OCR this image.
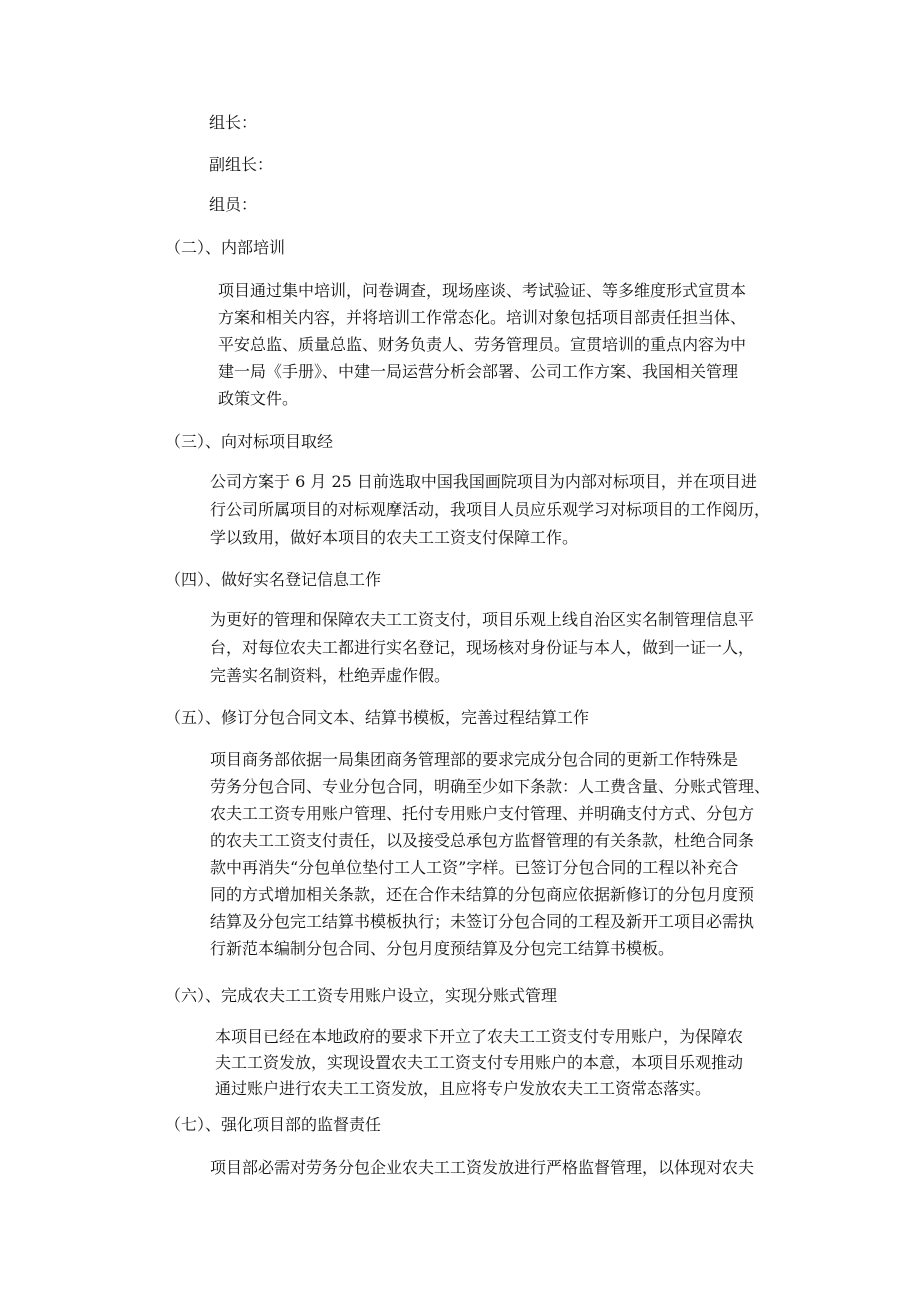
组长：
副组长：
组员：
（二）、内部培训
项目通过集中培训，问卷调查，现场座谈、考试验证、等多维度形式宣贯本
方案和相关内容，并将培训工作常态化。培训对象包括项目部责任担当体、
平安总监、质量总监、财务负责人、劳务管理员。宣贯培训的重点内容为中
建一局《手册》、中建一局运营分析会部署、公司工作方案、我国相关管理
政策文件。
（三）、向对标项目取经
公司方案于 6 月 25 日前选取中国我国画院项目为内部对标项目，并在项目进
行公司所属项目的对标观摩活动，我项目人员应乐观学习对标项目的工作阅历，
学以致用，做好本项目的农夫工工资支付保障工作。
（四）、做好实名登记信息工作
为更好的管理和保障农夫工工资支付，项目乐观上线自治区实名制管理信息平
台，对每位农夫工都进行实名登记，现场核对身份证与本人，做到一证一人，
完善实名制资料，杜绝弄虚作假。
（五）、修订分包合同文本、结算书模板，完善过程结算工作
项目商务部依据一局集团商务管理部的要求完成分包合同的更新工作特殊是
劳务分包合同、专业分包合同，明确至少如下条款：人工费含量、分账式管理、
农夫工工资专用账户管理、托付专用账户支付管理、并明确支付方式、分包方
的农夫工工资支付责任，以及接受总承包方监督管理的有关条款，杜绝合同条
款中再消失“分包单位垫付工人工资”字样。已签订分包合同的工程以补充合
同的方式增加相关条款，还在合作未结算的分包商应依据新修订的分包月度预
结算及分包完工结算书模板执行；未签订分包合同的工程及新开工项目必需执
行新范本编制分包合同、分包月度预结算及分包完工结算书模板。
（六）、完成农夫工工资专用账户设立，实现分账式管理
本项目已经在本地政府的要求下开立了农夫工工资支付专用账户，为保障农
夫工工资发放，实现设置农夫工工资支付专用账户的本意，本项目乐观推动
通过账户进行农夫工工资发放，且应将专户发放农夫工工资常态落实。
（七）、强化项目部的监督责任
项目部必需对劳务分包企业农夫工工资发放进行严格监督管理，以体现对农夫
